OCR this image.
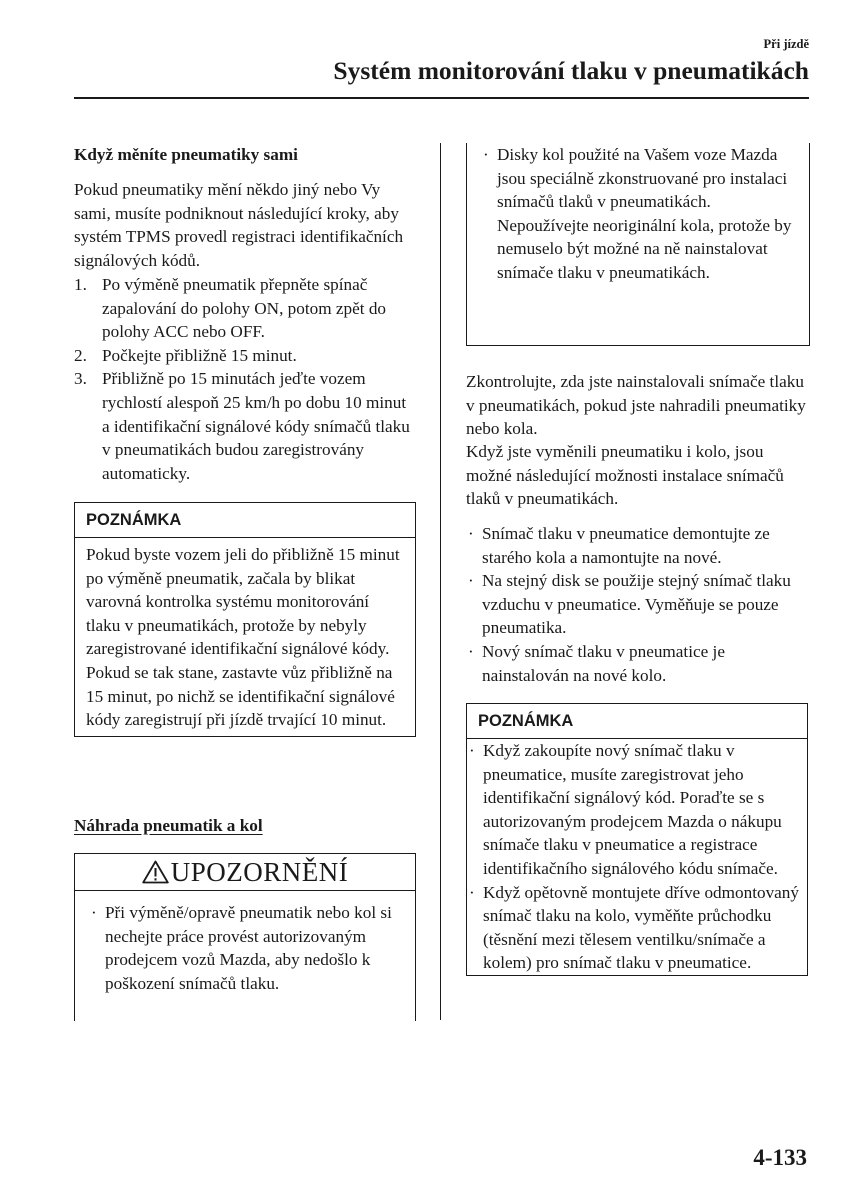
Při jízdě
Systém monitorování tlaku v pneumatikách

Když měníte pneumatiky sami

Pokud pneumatiky mění někdo jiný nebo Vy sami, musíte podniknout následující kroky, aby systém TPMS provedl registraci identifikačních signálových kódů.

1. Po výměně pneumatik přepněte spínač zapalování do polohy ON, potom zpět do polohy ACC nebo OFF.
2. Počkejte přibližně 15 minut.
3. Přibližně po 15 minutách jeďte vozem rychlostí alespoň 25 km/h po dobu 10 minut a identifikační signálové kódy snímačů tlaku v pneumatikách budou zaregistrovány automaticky.
POZNÁMKA
Pokud byste vozem jeli do přibližně 15 minut po výměně pneumatik, začala by blikat varovná kontrolka systému monitorování tlaku v pneumatikách, protože by nebyly zaregistrované identifikační signálové kódy. Pokud se tak stane, zastavte vůz přibližně na 15 minut, po nichž se identifikační signálové kódy zaregistrují při jízdě trvající 10 minut.

Náhrada pneumatik a kol

UPOZORNĚNÍ
· Při výměně/opravě pneumatik nebo kol si nechejte práce provést autorizovaným prodejcem vozů Mazda, aby nedošlo k poškození snímačů tlaku.
· Disky kol použité na Vašem voze Mazda jsou speciálně zkonstruované pro instalaci snímačů tlaků v pneumatikách. Nepoužívejte neoriginální kola, protože by nemuselo být možné na ně nainstalovat snímače tlaku v pneumatikách.

Zkontrolujte, zda jste nainstalovali snímače tlaku v pneumatikách, pokud jste nahradili pneumatiky nebo kola.

Když jste vyměnili pneumatiku i kolo, jsou možné následující možnosti instalace snímačů tlaků v pneumatikách.

· Snímač tlaku v pneumatice demontujte ze starého kola a namontujte na nové.
· Na stejný disk se použije stejný snímač tlaku vzduchu v pneumatice. Vyměňuje se pouze pneumatika.
· Nový snímač tlaku v pneumatice je nainstalován na nové kolo.
POZNÁMKA
· Když zakoupíte nový snímač tlaku v pneumatice, musíte zaregistrovat jeho identifikační signálový kód. Poraďte se s autorizovaným prodejcem Mazda o nákupu snímače tlaku v pneumatice a registrace identifikačního signálového kódu snímače.
· Když opětovně montujete dříve odmontovaný snímač tlaku na kolo, vyměňte průchodku (těsnění mezi tělesem ventilku/snímače a kolem) pro snímač tlaku v pneumatice.
4-133
